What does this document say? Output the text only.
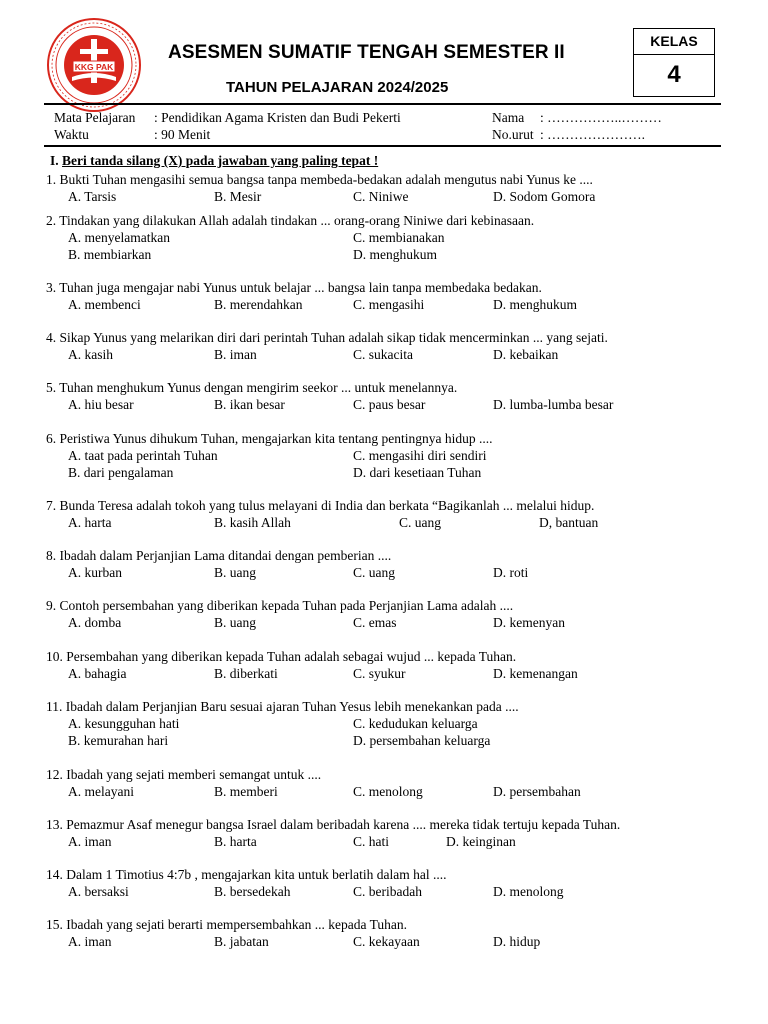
KKG PAK
ASESMEN SUMATIF TENGAH SEMESTER II
TAHUN PELAJARAN 2024/2025
KELAS
4
Mata Pelajaran : Pendidikan Agama Kristen dan Budi Pekerti
Waktu	: 90 Menit
Nama : ……………..………
No.urut : ………………….
I. Beri tanda silang (X) pada jawaban yang paling tepat !
1. Bukti Tuhan mengasihi semua bangsa tanpa membeda-bedakan adalah mengutus nabi Yunus ke ....
A. Tarsis	B. Mesir	C. Niniwe	D. Sodom Gomora
2. Tindakan yang dilakukan Allah adalah tindakan ... orang-orang Niniwe dari kebinasaan.
A. menyelamatkan	C. membianakan
B. membiarkan	D. menghukum
3. Tuhan juga mengajar nabi Yunus untuk belajar ... bangsa lain tanpa membedaka bedakan.
A. membenci	B. merendahkan	C. mengasihi	D. menghukum
4. Sikap Yunus yang melarikan diri dari perintah Tuhan adalah sikap tidak mencerminkan ... yang sejati.
A. kasih	B. iman	C. sukacita	D. kebaikan
5. Tuhan menghukum Yunus dengan mengirim seekor ... untuk menelannya.
A. hiu besar	B. ikan besar	C. paus besar	D. lumba-lumba besar
6. Peristiwa Yunus dihukum Tuhan, mengajarkan kita tentang pentingnya hidup ....
A. taat pada perintah Tuhan	C. mengasihi diri sendiri
B. dari pengalaman	D. dari kesetiaan Tuhan
7. Bunda Teresa adalah tokoh yang tulus melayani di India dan berkata “Bagikanlah ... melalui hidup.
A. harta	B. kasih Allah	C. uang	D, bantuan
8. Ibadah dalam Perjanjian Lama ditandai dengan pemberian ....
A. kurban	B. uang	C. uang	D. roti
9. Contoh persembahan yang diberikan kepada Tuhan pada Perjanjian Lama adalah ....
A. domba	B. uang	C. emas	D. kemenyan
10. Persembahan yang diberikan kepada Tuhan adalah sebagai wujud ... kepada Tuhan.
A. bahagia	B. diberkati	C. syukur	D. kemenangan
11. Ibadah dalam Perjanjian Baru sesuai ajaran Tuhan Yesus lebih menekankan pada ....
A. kesungguhan hati	C. kedudukan keluarga
B. kemurahan hari	D. persembahan keluarga
12. Ibadah yang sejati memberi semangat untuk ....
A. melayani	B. memberi	C. menolong	D. persembahan
13. Pemazmur Asaf menegur bangsa Israel dalam beribadah karena .... mereka tidak tertuju kepada Tuhan.
A. iman	B. harta	C. hati	D. keinginan
14. Dalam 1 Timotius 4:7b , mengajarkan kita untuk berlatih dalam hal ....
A. bersaksi	B. bersedekah	C. beribadah	D. menolong
15. Ibadah yang sejati berarti mempersembahkan ... kepada Tuhan.
A. iman	B. jabatan	C. kekayaan	D. hidup
